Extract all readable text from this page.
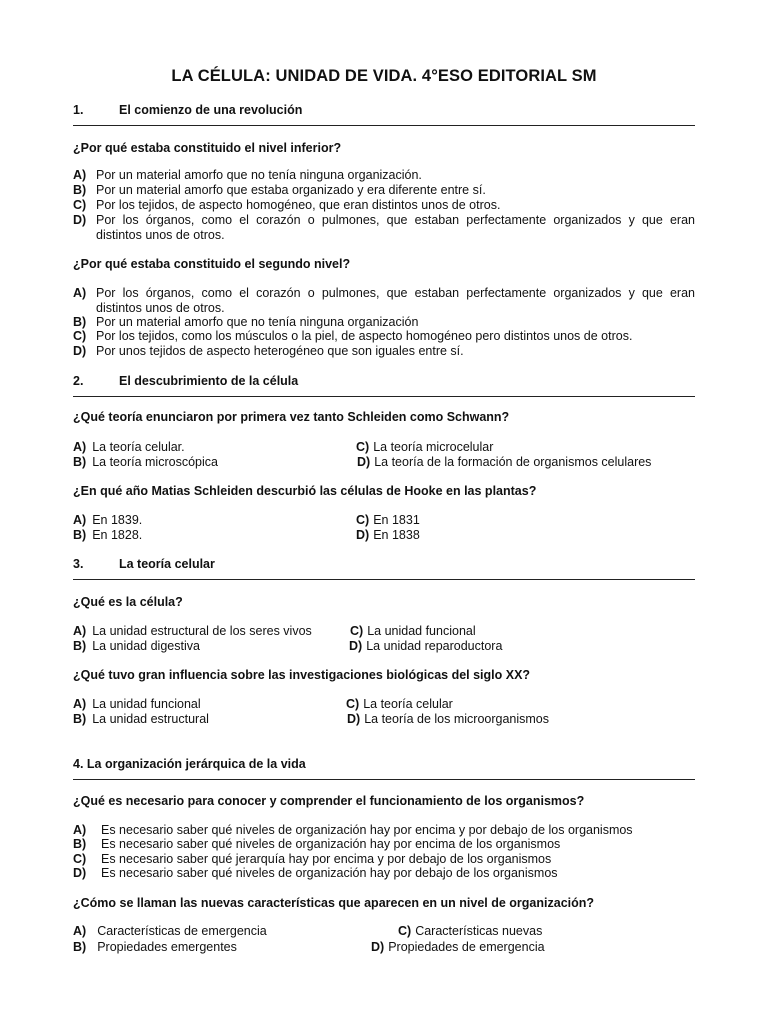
LA CÉLULA: UNIDAD DE VIDA. 4°ESO EDITORIAL SM
1.	El comienzo de una revolución
¿Por qué estaba constituido el nivel inferior?
A) Por un material amorfo que no tenía ninguna organización.
B) Por un material amorfo que estaba organizado y era diferente entre sí.
C) Por los tejidos, de aspecto homogéneo, que eran distintos unos de otros.
D) Por los órganos, como el corazón o pulmones, que estaban perfectamente organizados y que eran
distintos unos de otros.
¿Por qué estaba constituido el segundo nivel?
A) Por los órganos, como el corazón o pulmones, que estaban perfectamente organizados y que eran
distintos unos de otros.
B) Por un material amorfo que no tenía ninguna organización
C) Por los tejidos, como los músculos o la piel, de aspecto homogéneo pero distintos unos de otros.
D) Por unos tejidos de aspecto heterogéneo que son iguales entre sí.
2.	El descubrimiento de la célula
¿Qué teoría enunciaron por primera vez tanto Schleiden como Schwann?
A) La teoría celular.	C) La teoría microcelular
B) La teoría microscópica	D) La teoría de la formación de organismos celulares
¿En qué año Matias Schleiden descurbió las células de Hooke en las plantas?
A) En 1839.	C) En 1831
B) En 1828.	D) En 1838
3.	La teoría celular
¿Qué es la célula?
A) La unidad estructural de los seres vivos	C) La unidad funcional
B) La unidad digestiva	D) La unidad reparoductora
¿Qué tuvo gran influencia sobre las investigaciones biológicas del siglo XX?
A) La unidad funcional	C) La teoría celular
B) La unidad estructural	D) La teoría de los microorganismos
4. La organización jerárquica de la vida
¿Qué es necesario para conocer y comprender el funcionamiento de los organismos?
A) Es necesario saber qué niveles de organización hay por encima y por debajo de los organismos
B) Es necesario saber qué niveles de organización hay por encima de los organismos
C) Es necesario saber qué jerarquía hay por encima y por debajo de los organismos
D) Es necesario saber qué niveles de organización hay por debajo de los organismos
¿Cómo se llaman las nuevas características que aparecen en un nivel de organización?
A) Características de emergencia	C) Características nuevas
B) Propiedades emergentes	D) Propiedades de emergencia
